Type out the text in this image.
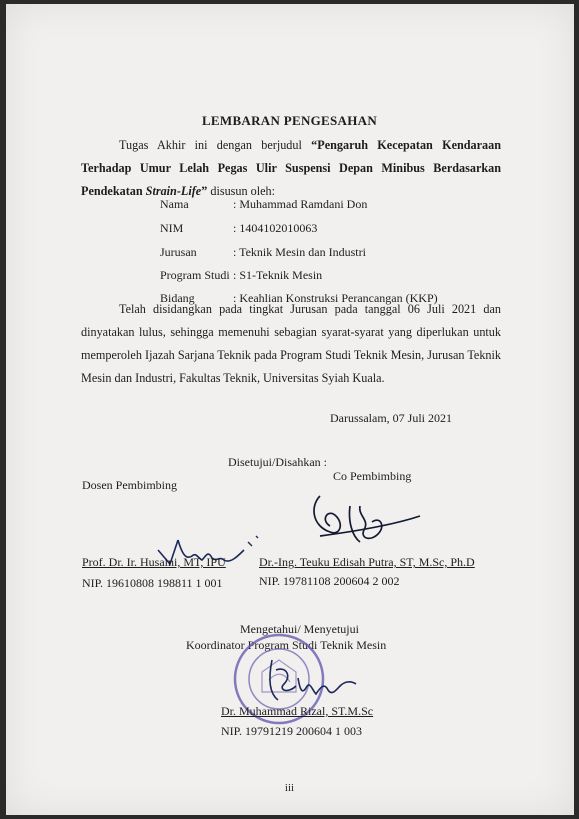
LEMBARAN PENGESAHAN
Tugas Akhir ini dengan berjudul “Pengaruh Kecepatan Kendaraan Terhadap Umur Lelah Pegas Ulir Suspensi Depan Minibus Berdasarkan Pendekatan Strain-Life” disusun oleh:
Nama	: Muhammad Ramdani Don
NIM	: 1404102010063
Jurusan	: Teknik Mesin dan Industri
Program Studi : S1-Teknik Mesin
Bidang	: Keahlian Konstruksi Perancangan (KKP)
Telah disidangkan pada tingkat Jurusan pada tanggal 06 Juli 2021 dan dinyatakan lulus, sehingga memenuhi sebagian syarat-syarat yang diperlukan untuk memperoleh Ijazah Sarjana Teknik pada Program Studi Teknik Mesin, Jurusan Teknik Mesin dan Industri, Fakultas Teknik, Universitas Syiah Kuala.
Darussalam, 07 Juli 2021
Disetujui/Disahkan :
Dosen Pembimbing
Co Pembimbing
Prof. Dr. Ir. Husaini, MT, IPU	Dr.-Ing. Teuku Edisah Putra, ST, M.Sc, Ph.D
NIP. 19610808 198811 1 001	NIP. 19781108 200604 2 002
Mengetahui/ Menyetujui
Koordinator Program Studi Teknik Mesin
Dr. Muhammad Rizal, ST.M.Sc
NIP. 19791219 200604 1 003
iii
